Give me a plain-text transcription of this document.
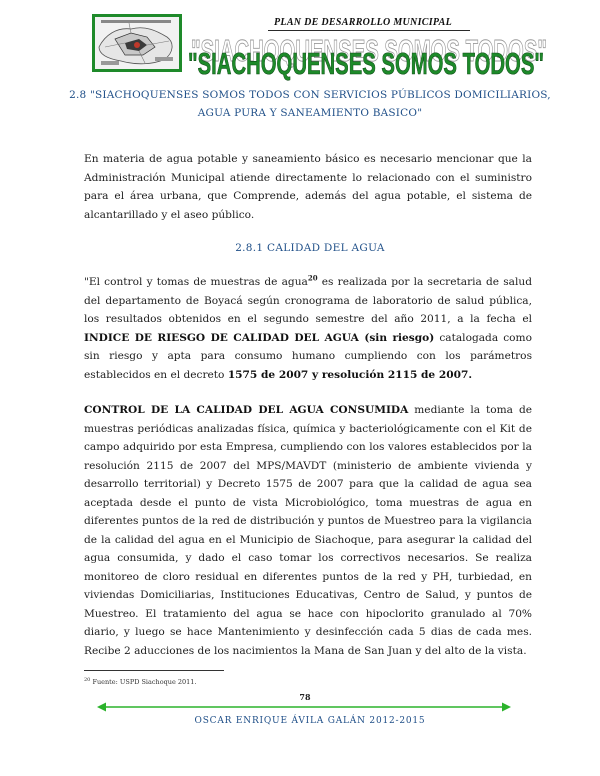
PLAN DE DESARROLLO MUNICIPAL
"SIACHOQUENSES SOMOS TODOS"
"SIACHOQUENSES SOMOS TODOS"
2.8 "SIACHOQUENSES SOMOS TODOS CON SERVICIOS PÚBLICOS DOMICILIARIOS,
AGUA PURA Y SANEAMIENTO BASICO"
En materia de agua potable y saneamiento básico es necesario mencionar que la Administración Municipal atiende directamente lo relacionado con el suministro para el área urbana, que Comprende, además del agua potable, el sistema de alcantarillado y el aseo público.
2.8.1 CALIDAD DEL AGUA
"El control y tomas de muestras de agua$^{20}$ es realizada por la secretaria de salud del departamento de Boyacá según cronograma de laboratorio de salud pública, los resultados obtenidos en el segundo semestre del año 2011, a la fecha el INDICE DE RIESGO DE CALIDAD DEL AGUA (sin riesgo) catalogada como sin riesgo y apta para consumo humano cumpliendo con los parámetros establecidos en el decreto 1575 de 2007 y resolución 2115 de 2007.
CONTROL DE LA CALIDAD DEL AGUA CONSUMIDA mediante la toma de muestras periódicas analizadas física, química y bacteriológicamente con el Kit de campo adquirido por esta Empresa, cumpliendo con los valores establecidos por la resolución 2115 de 2007 del MPS/MAVDT (ministerio de ambiente vivienda y desarrollo territorial) y Decreto 1575 de 2007 para que la calidad de agua sea aceptada desde el punto de vista Microbiológico, toma muestras de agua en diferentes puntos de la red de distribución y puntos de Muestreo para la vigilancia de la calidad del agua en el Municipio de Siachoque, para asegurar la calidad del agua consumida, y dado el caso tomar los correctivos necesarios. Se realiza monitoreo de cloro residual en diferentes puntos de la red y PH, turbiedad, en viviendas Domiciliarias, Instituciones Educativas, Centro de Salud, y puntos de Muestreo. El tratamiento del agua se hace con hipoclorito granulado al 70% diario, y luego se hace Mantenimiento y desinfección cada 5 dias de cada mes. Recibe 2 aducciones de los nacimientos la Mana de San Juan y del alto de la vista.
$^{20}$ Fuente: USPD Siachoque 2011.
78
OSCAR ENRIQUE ÁVILA GALÁN 2012-2015
